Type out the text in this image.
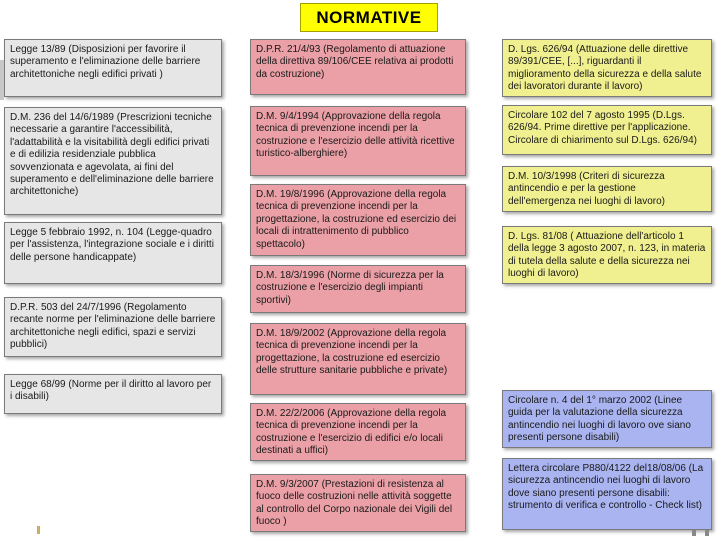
NORMATIVE
Legge 13/89 (Disposizioni per favorire il superamento e l'eliminazione delle barriere architettoniche negli edifici privati )
D.M. 236 del 14/6/1989 (Prescrizioni tecniche necessarie a garantire l'accessibilità, l'adattabilità e la visitabilità degli edifici privati e di edilizia residenziale pubblica sovvenzionata e agevolata, ai fini del superamento e dell'eliminazione delle barriere architettoniche)
Legge 5 febbraio 1992, n. 104 (Legge-quadro per l'assistenza, l'integrazione sociale e i diritti delle persone handicappate)
D.P.R. 503 del 24/7/1996 (Regolamento recante norme per l'eliminazione delle barriere architettoniche negli edifici, spazi e servizi pubblici)
Legge 68/99 (Norme per il diritto al lavoro per i disabili)
D.P.R. 21/4/93 (Regolamento di attuazione della direttiva 89/106/CEE relativa ai prodotti da costruzione)
D.M. 9/4/1994 (Approvazione della regola tecnica di prevenzione incendi per la costruzione e l'esercizio delle attività ricettive turistico-alberghiere)
D.M. 19/8/1996 (Approvazione della regola tecnica di prevenzione incendi per la progettazione, la costruzione ed esercizio dei locali di intrattenimento di pubblico spettacolo)
D.M. 18/3/1996 (Norme di sicurezza per la costruzione e l'esercizio degli impianti sportivi)
D.M. 18/9/2002 (Approvazione della regola tecnica di prevenzione incendi per la progettazione, la costruzione ed esercizio delle strutture sanitarie pubbliche e private)
D.M. 22/2/2006 (Approvazione della regola tecnica di prevenzione incendi per la costruzione e l'esercizio di edifici e/o locali destinati a uffici)
D.M. 9/3/2007 (Prestazioni di resistenza al fuoco delle costruzioni nelle attività soggette al controllo del Corpo nazionale dei Vigili del fuoco )
D. Lgs. 626/94 (Attuazione delle direttive 89/391/CEE, [...], riguardanti il miglioramento della sicurezza e della salute dei lavoratori durante il lavoro)
Circolare 102 del 7 agosto 1995 (D.Lgs. 626/94. Prime direttive per l'applicazione. Circolare di chiarimento sul D.Lgs. 626/94)
D.M. 10/3/1998 (Criteri di sicurezza antincendio e per la gestione dell'emergenza nei luoghi di lavoro)
D. Lgs. 81/08 ( Attuazione dell'articolo 1 della legge 3 agosto 2007, n. 123, in materia di tutela della salute e della sicurezza nei luoghi di lavoro)
Circolare n. 4 del 1° marzo 2002 (Linee guida per la valutazione della sicurezza antincendio nei luoghi di lavoro ove siano presenti persone disabili)
Lettera circolare P880/4122 del18/08/06 (La sicurezza antincendio nei luoghi di lavoro dove siano presenti persone disabili: strumento di verifica e controllo - Check list)
